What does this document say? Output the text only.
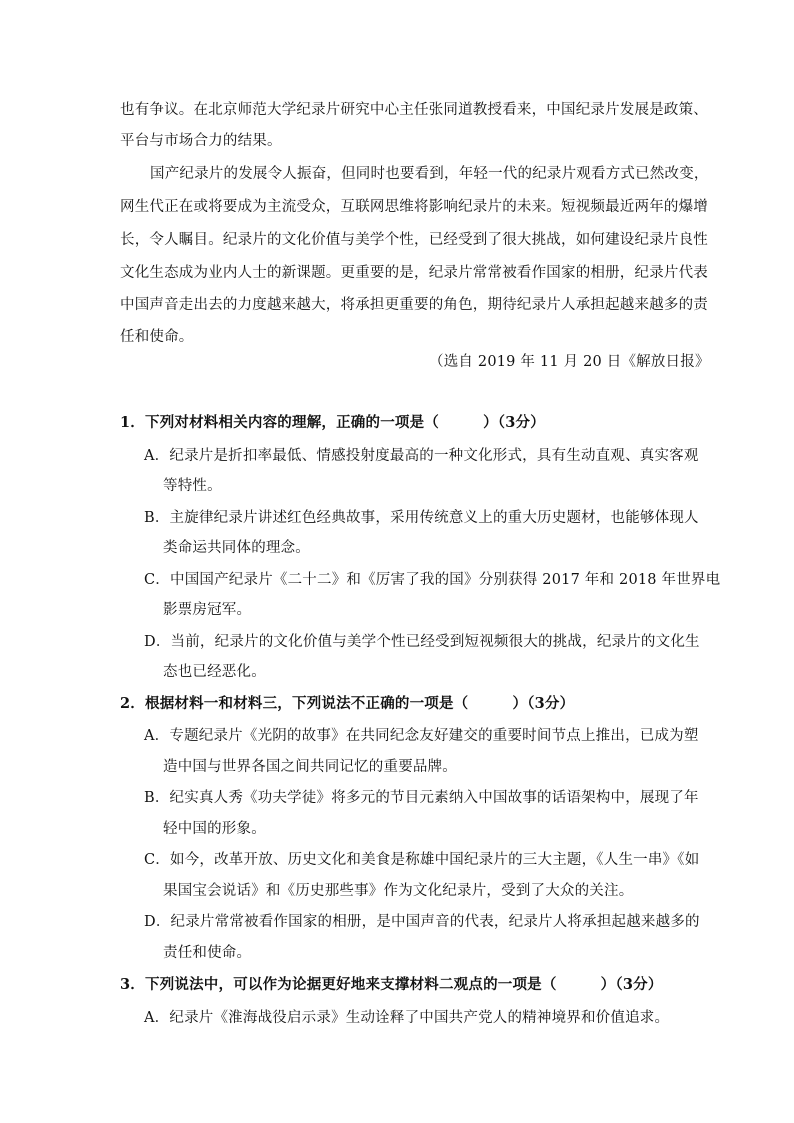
也有争议。在北京师范大学纪录片研究中心主任张同道教授看来，中国纪录片发展是政策、
平台与市场合力的结果。
国产纪录片的发展令人振奋，但同时也要看到，年轻一代的纪录片观看方式已然改变，
网生代正在或将要成为主流受众，互联网思维将影响纪录片的未来。短视频最近两年的爆增
长，令人瞩目。纪录片的文化价值与美学个性，已经受到了很大挑战，如何建设纪录片良性
文化生态成为业内人士的新课题。更重要的是，纪录片常常被看作国家的相册，纪录片代表
中国声音走出去的力度越来越大，将承担更重要的角色，期待纪录片人承担起越来越多的责
任和使命。
（选自 2019 年 11 月 20 日《解放日报》
1．下列对材料相关内容的理解，正确的一项是（　　　）（3分）
A．纪录片是折扣率最低、情感投射度最高的一种文化形式，具有生动直观、真实客观
等特性。
B．主旋律纪录片讲述红色经典故事，采用传统意义上的重大历史题材，也能够体现人
类命运共同体的理念。
C．中国国产纪录片《二十二》和《厉害了我的国》分别获得 2017 年和 2018 年世界电
影票房冠军。
D．当前，纪录片的文化价值与美学个性已经受到短视频很大的挑战，纪录片的文化生
态也已经恶化。
2．根据材料一和材料三，下列说法不正确的一项是（　　　）（3分）
A．专题纪录片《光阴的故事》在共同纪念友好建交的重要时间节点上推出，已成为塑
造中国与世界各国之间共同记忆的重要品牌。
B．纪实真人秀《功夫学徒》将多元的节目元素纳入中国故事的话语架构中，展现了年
轻中国的形象。
C．如今，改革开放、历史文化和美食是称雄中国纪录片的三大主题，《人生一串》《如
果国宝会说话》和《历史那些事》作为文化纪录片，受到了大众的关注。
D．纪录片常常被看作国家的相册，是中国声音的代表，纪录片人将承担起越来越多的
责任和使命。
3．下列说法中，可以作为论据更好地来支撑材料二观点的一项是（　　　）（3分）
A．纪录片《淮海战役启示录》生动诠释了中国共产党人的精神境界和价值追求。
